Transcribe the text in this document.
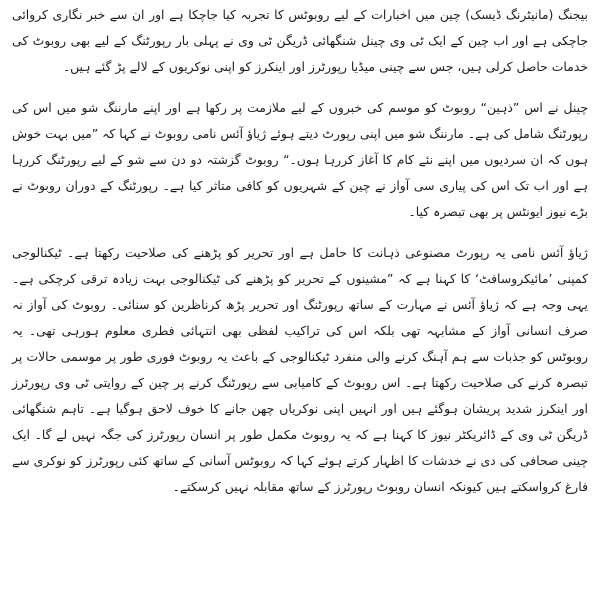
بیجنگ (مانیٹرنگ ڈیسک) چین میں اخبارات کے لیے روبوٹس کا تجربہ کیا جاچکا ہے اور ان سے خبر نگاری کروائی جاچکی ہے اور اب چین کے ایک ٹی وی چینل شنگھائی ڈریگن ٹی وی نے پہلی بار رپورٹنگ کے لیے بھی روبوٹ کی خدمات حاصل کرلی ہیں، جس سے چینی میڈیا رپورٹرز اور اینکرز کو اپنی نوکریوں کے لالے پڑ گئے ہیں۔

چینل نے اس ”ذہین“ روبوٹ کو موسم کی خبروں کے لیے ملازمت پر رکھا ہے اور اپنے مارننگ شو میں اس کی رپورٹنگ شامل کی ہے۔ مارننگ شو میں اپنی رپورٹ دیتے ہوئے ژیاؤ آئس نامی روبوٹ نے کہا کہ ”میں بہت خوش ہوں کہ ان سردیوں میں اپنے نئے کام کا آغاز کررہا ہوں۔“ روبوٹ گزشتہ دو دن سے شو کے لیے رپورٹنگ کررہا ہے اور اب تک اس کی پیاری سی آواز نے چین کے شہریوں کو کافی متاثر کیا ہے۔ رپورٹنگ کے دوران روبوٹ نے بڑے نیوز ایونٹس پر بھی تبصرہ کیا۔

ژیاؤ آئس نامی یہ رپورٹ مصنوعی ذہانت کا حامل ہے اور تحریر کو پڑھنے کی صلاحیت رکھتا ہے۔ ٹیکنالوجی کمپنی ’مائیکروسافٹ‘ کا کہنا ہے کہ ”مشینوں کے تحریر کو پڑھنے کی ٹیکنالوجی بہت زیادہ ترقی کرچکی ہے۔ یہی وجہ ہے کہ ژیاؤ آئس نے مہارت کے ساتھ رپورٹنگ اور تحریر پڑھ کرناظرین کو سنائی۔ روبوٹ کی آواز نہ صرف انسانی آواز کے مشابہہ تھی بلکہ اس کی تراکیب لفظی بھی انتہائی فطری معلوم ہورہی تھی۔ یہ روبوٹس کو جذبات سے ہم آہنگ کرنے والی منفرد ٹیکنالوجی کے باعث یہ روبوٹ فوری طور پر موسمی حالات پر تبصرہ کرنے کی صلاحیت رکھتا ہے۔ اس روبوٹ کے کامیابی سے رپورٹنگ کرنے پر چین کے روایتی ٹی وی رپورٹرز اور اینکرز شدید پریشان ہوگئے ہیں اور انہیں اپنی نوکریاں چھن جانے کا خوف لاحق ہوگیا ہے۔ تاہم شنگھائی ڈریگن ٹی وی کے ڈائریکٹر نیوز کا کہنا ہے کہ یہ روبوٹ مکمل طور پر انسان رپورٹرز کی جگہ نہیں لے گا۔ ایک چینی صحافی کی دی نے خدشات کا اظہار کرتے ہوئے کہا کہ روبوٹس آسانی کے ساتھ کئی رپورٹرز کو نوکری سے فارغ کرواسکتے ہیں کیونکہ انسان روبوٹ رپورٹرز کے ساتھ مقابلہ نہیں کرسکتے۔
